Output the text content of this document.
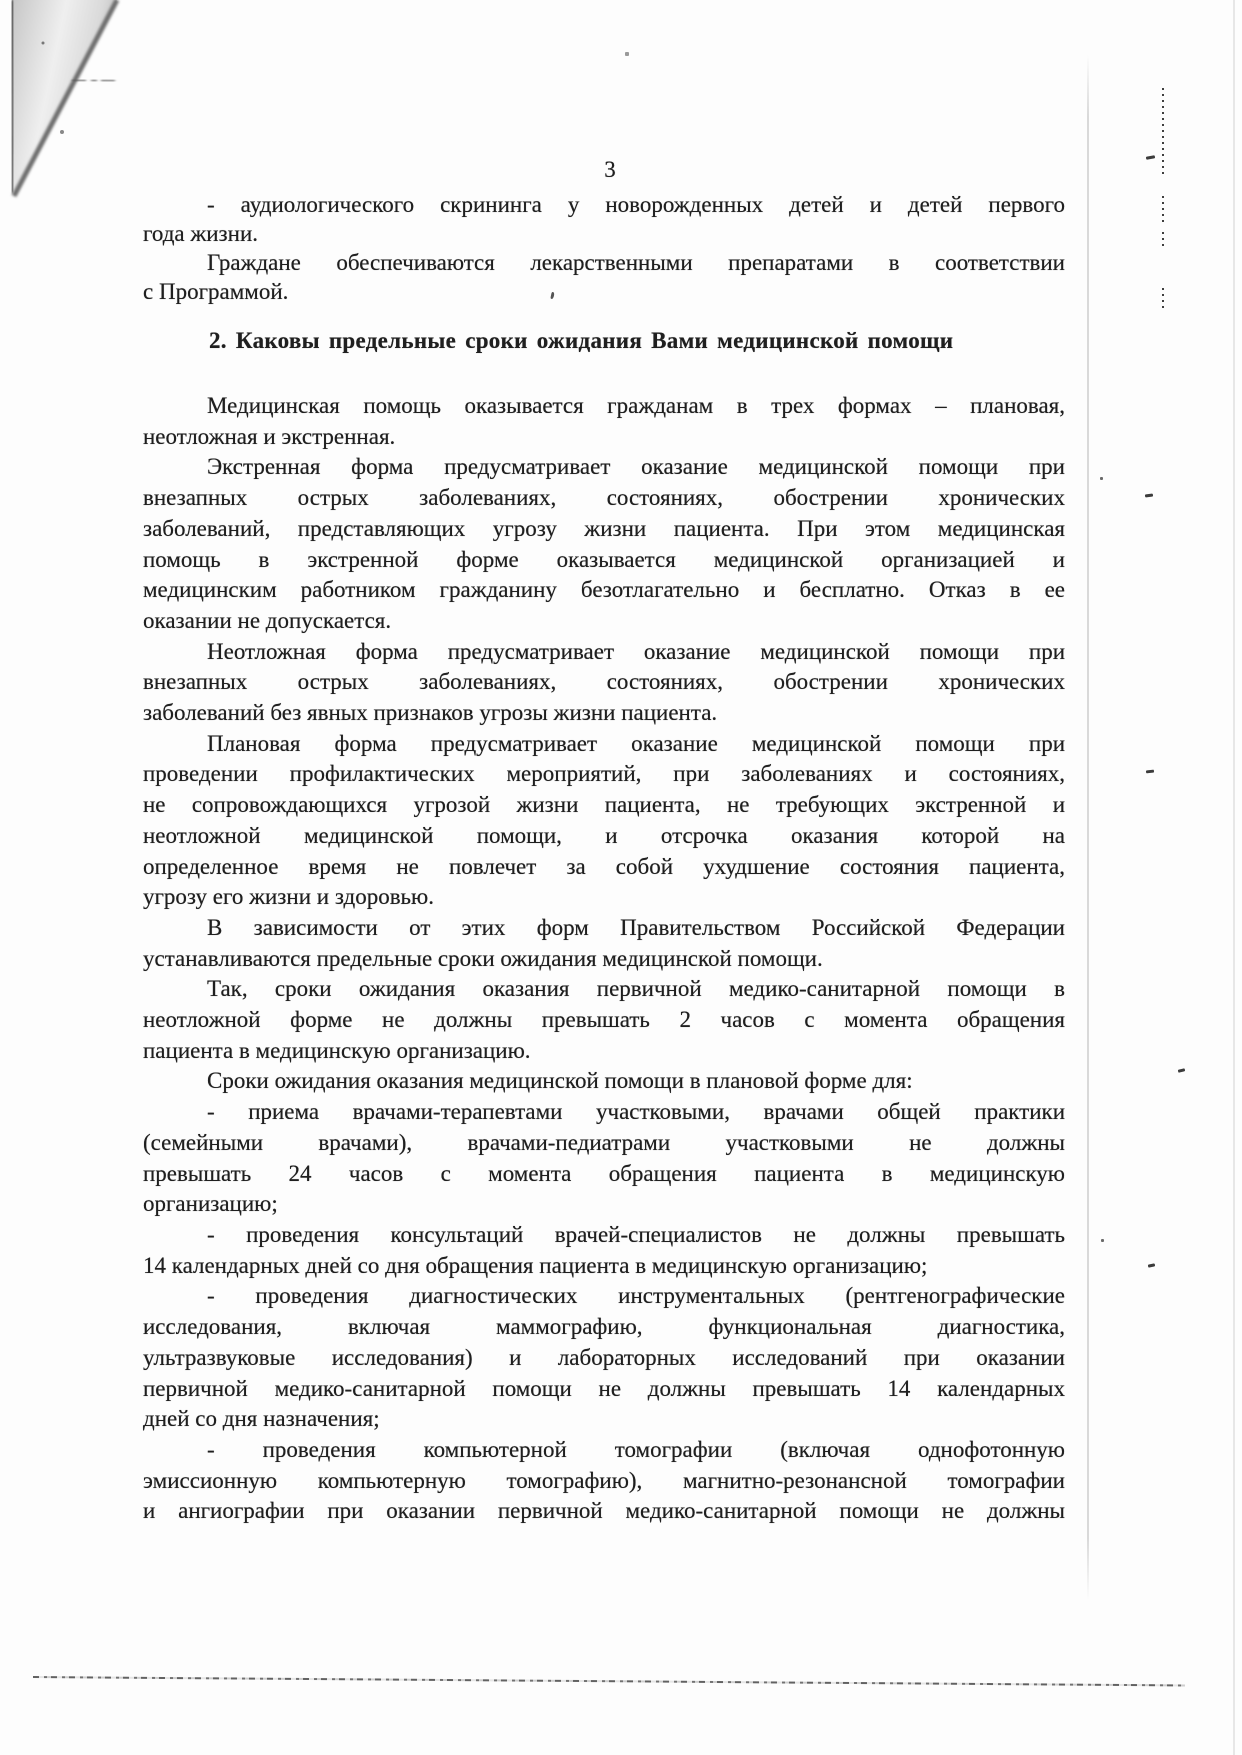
3
- аудиологического скрининга у новорожденных детей и детей первого
года жизни.
Граждане обеспечиваются лекарственными препаратами в соответствии
с Программой.
2. Каковы предельные сроки ожидания Вами медицинской помощи
Медицинская помощь оказывается гражданам в трех формах – плановая,
неотложная и экстренная.
Экстренная форма предусматривает оказание медицинской помощи при
внезапных острых заболеваниях, состояниях, обострении хронических
заболеваний, представляющих угрозу жизни пациента. При этом медицинская
помощь в экстренной форме оказывается медицинской организацией и
медицинским работником гражданину безотлагательно и бесплатно. Отказ в ее
оказании не допускается.
Неотложная форма предусматривает оказание медицинской помощи при
внезапных острых заболеваниях, состояниях, обострении хронических
заболеваний без явных признаков угрозы жизни пациента.
Плановая форма предусматривает оказание медицинской помощи при
проведении профилактических мероприятий, при заболеваниях и состояниях,
не сопровождающихся угрозой жизни пациента, не требующих экстренной и
неотложной медицинской помощи, и отсрочка оказания которой на
определенное время не повлечет за собой ухудшение состояния пациента,
угрозу его жизни и здоровью.
В зависимости от этих форм Правительством Российской Федерации
устанавливаются предельные сроки ожидания медицинской помощи.
Так, сроки ожидания оказания первичной медико-санитарной помощи в
неотложной форме не должны превышать 2 часов с момента обращения
пациента в медицинскую организацию.
Сроки ожидания оказания медицинской помощи в плановой форме для:
- приема врачами-терапевтами участковыми, врачами общей практики
(семейными врачами), врачами-педиатрами участковыми не должны
превышать 24 часов с момента обращения пациента в медицинскую
организацию;
- проведения консультаций врачей-специалистов не должны превышать
14 календарных дней со дня обращения пациента в медицинскую организацию;
- проведения диагностических инструментальных (рентгенографические
исследования, включая маммографию, функциональная диагностика,
ультразвуковые исследования) и лабораторных исследований при оказании
первичной медико-санитарной помощи не должны превышать 14 календарных
дней со дня назначения;
- проведения компьютерной томографии (включая однофотонную
эмиссионную компьютерную томографию), магнитно-резонансной томографии
и ангиографии при оказании первичной медико-санитарной помощи не должны
